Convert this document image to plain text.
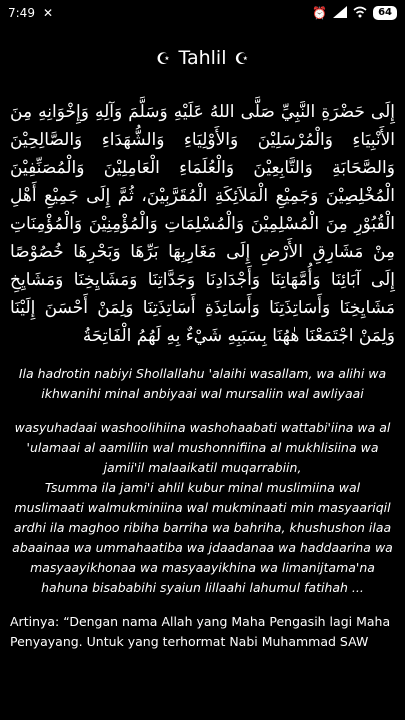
7:49 ✕	⏰	64
☪ Tahlil ☪
إِلَى حَضْرَةِ النَّبِيِّ صَلَّى اللهُ عَلَيْهِ وَسَلَّمَ وَآلِهِ وَإِخْوَانِهِ مِنَ الأَنْبِيَاءِ وَالْمُرْسَلِيْنَ وَالأَوْلِيَاءِ وَالشُّهَدَاءِ وَالصَّالِحِيْنَ وَالصَّحَابَةِ وَالتَّابِعِيْنَ وَالْعُلَمَاءِ الْعَامِلِيْنَ وَالْمُصَنِّفِيْنَ الْمُخْلِصِيْنَ وَجَمِيْعِ الْمَلاَئِكَةِ الْمُقَرَّبِيْنَ، ثُمَّ إِلَى جَمِيْعِ أَهْلِ الْقُبُوْرِ مِنَ الْمُسْلِمِيْنَ وَالْمُسْلِمَاتِ وَالْمُؤْمِنِيْنَ وَالْمُؤْمِنَاتِ مِنْ مَشَارِقِ الأَرْضِ إِلَى مَغَارِبِهَا بَرِّهَا وَبَحْرِهَا خُصُوْصًا إِلَى آبَائِنَا وَأُمَّهَاتِنَا وَأَجْدَادِنَا وَجَدَّاتِنَا وَمَشَايِخِنَا وَمَشَايِخِ مَشَايِخِنَا وَأَسَاتِذَتِنَا وَأَسَاتِذَةِ أَسَاتِذَتِنَا وَلِمَنْ أَحْسَنَ إِلَيْنَا وَلِمَنْ اجْتَمَعْنَا هٰهُنَا بِسَبَبِهِ شَيْءٌ بِهِ لَهُمُ الْفَاتِحَةُ

Ila hadrotin nabiyi Shollallahu 'alaihi wasallam, wa alihi wa ikhwanihi minal anbiyaai wal mursaliin wal awliyaai

wasyuhadaai washoolihiina washohaabati wattabi'iina wa al 'ulamaai al aamiliin wal mushonnifiina al mukhlisiina wa jamii'il malaaikatil muqarrabiin,

Tsumma ila jami'i ahlil kubur minal muslimiina wal muslimaati walmukminiina wal mukminaati min masyaariqil ardhi ila maghoo ribiha barriha wa bahriha, khushushon ilaa abaainaa wa ummahaatiba wa jdaadanaa wa haddaarina wa masyaayikhonaa wa masyaayikhina wa limanijtama'na hahuna bisababihi syaiun lillaahi lahumul fatihah ...

Artinya: “Dengan nama Allah yang Maha Pengasih lagi Maha Penyayang. Untuk yang terhormat Nabi Muhammad SAW
